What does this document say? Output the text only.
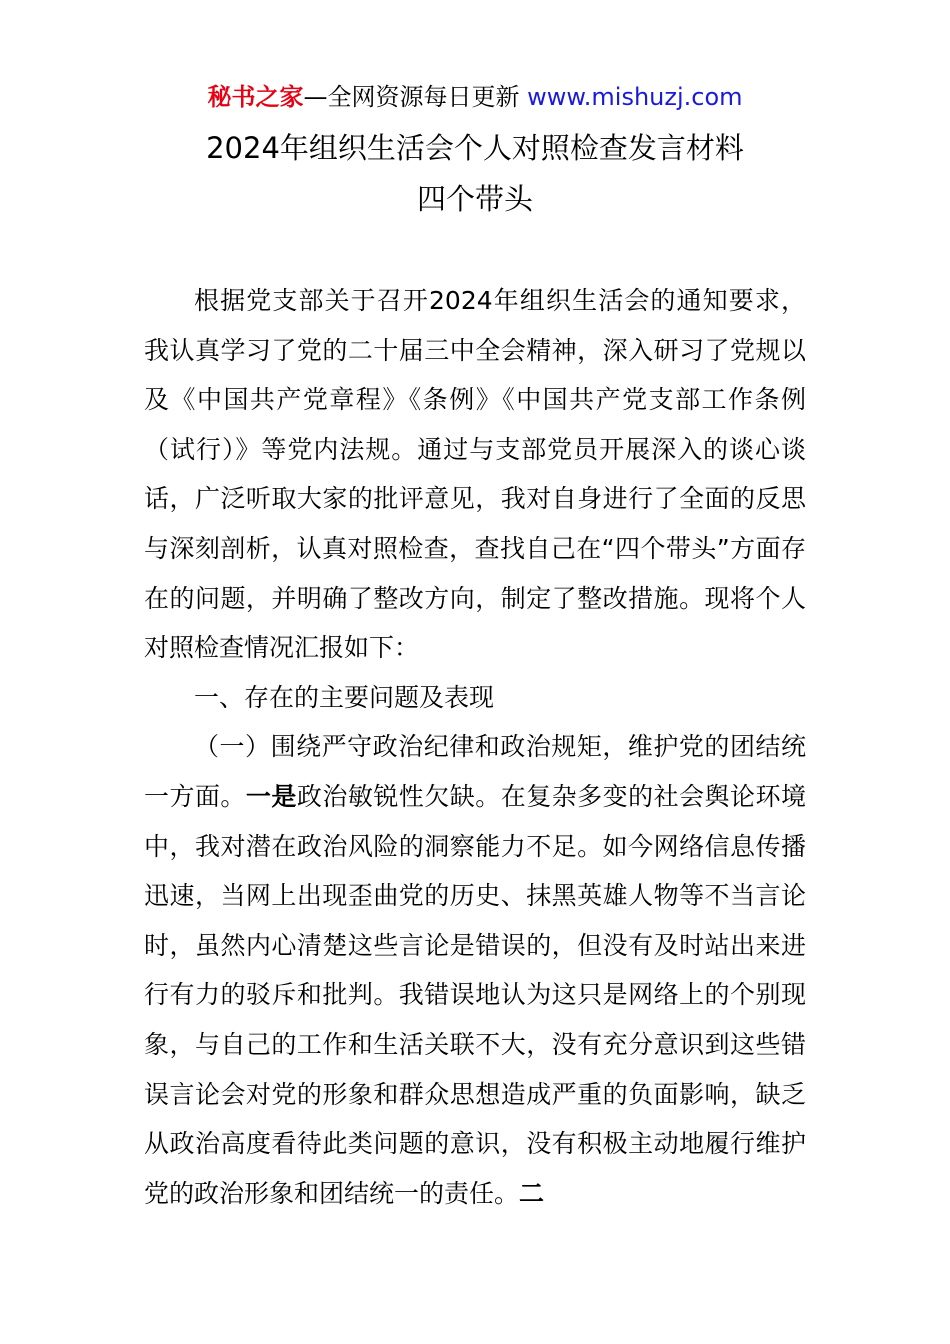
秘书之家—全网资源每日更新 www.mishuzj.com
2024年组织生活会个人对照检查发言材料
四个带头

根据党支部关于召开2024年组织生活会的通知要求，我认真学习了党的二十届三中全会精神，深入研习了党规以及《中国共产党章程》《条例》《中国共产党支部工作条例（试行）》等党内法规。通过与支部党员开展深入的谈心谈话，广泛听取大家的批评意见，我对自身进行了全面的反思与深刻剖析，认真对照检查，查找自己在“四个带头”方面存在的问题，并明确了整改方向，制定了整改措施。现将个人对照检查情况汇报如下：

一、存在的主要问题及表现

（一）围绕严守政治纪律和政治规矩，维护党的团结统一方面。一是政治敏锐性欠缺。在复杂多变的社会舆论环境中，我对潜在政治风险的洞察能力不足。如今网络信息传播迅速，当网上出现歪曲党的历史、抹黑英雄人物等不当言论时，虽然内心清楚这些言论是错误的，但没有及时站出来进行有力的驳斥和批判。我错误地认为这只是网络上的个别现象，与自己的工作和生活关联不大，没有充分意识到这些错误言论会对党的形象和群众思想造成严重的负面影响，缺乏从政治高度看待此类问题的意识，没有积极主动地履行维护党的政治形象和团结统一的责任。二
